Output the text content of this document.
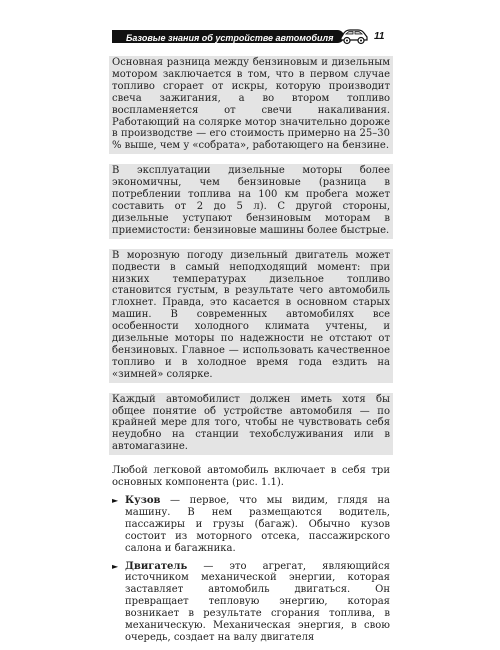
Базовые знания об устройстве автомобиля	11

Основная разница между бензиновым и дизельным мотором заключается в том, что в первом случае топливо сгорает от искры, которую производит свеча зажигания, а во втором топливо воспламеняется от свечи накаливания. Работающий на солярке мотор значительно дороже в производстве — его стоимость примерно на 25–30 % выше, чем у «собрата», работающего на бензине.

В эксплуатации дизельные моторы более экономичны, чем бензиновые (разница в потреблении топлива на 100 км пробега может составить от 2 до 5 л). С другой стороны, дизельные уступают бензиновым моторам в приемистости: бензиновые машины более быстрые.

В морозную погоду дизельный двигатель может подвести в самый неподходящий момент: при низких температурах дизельное топливо становится густым, в результате чего автомобиль глохнет. Правда, это касается в основном старых машин. В современных автомобилях все особенности холодного климата учтены, и дизельные моторы по надежности не отстают от бензиновых. Главное — использовать качественное топливо и в холодное время года ездить на «зимней» солярке.

Каждый автомобилист должен иметь хотя бы общее понятие об устройстве автомобиля — по крайней мере для того, чтобы не чувствовать себя неудобно на станции техобслуживания или в автомагазине.

Любой легковой автомобиль включает в себя три основных компонента (рис. 1.1).

► Кузов — первое, что мы видим, глядя на машину. В нем размещаются водитель, пассажиры и грузы (багаж). Обычно кузов состоит из моторного отсека, пассажирского салона и багажника.
► Двигатель — это агрегат, являющийся источником механической энергии, которая заставляет автомобиль двигаться. Он превращает тепловую энергию, которая возникает в результате сгорания топлива, в механическую. Механическая энергия, в свою очередь, создает на валу двигателя
